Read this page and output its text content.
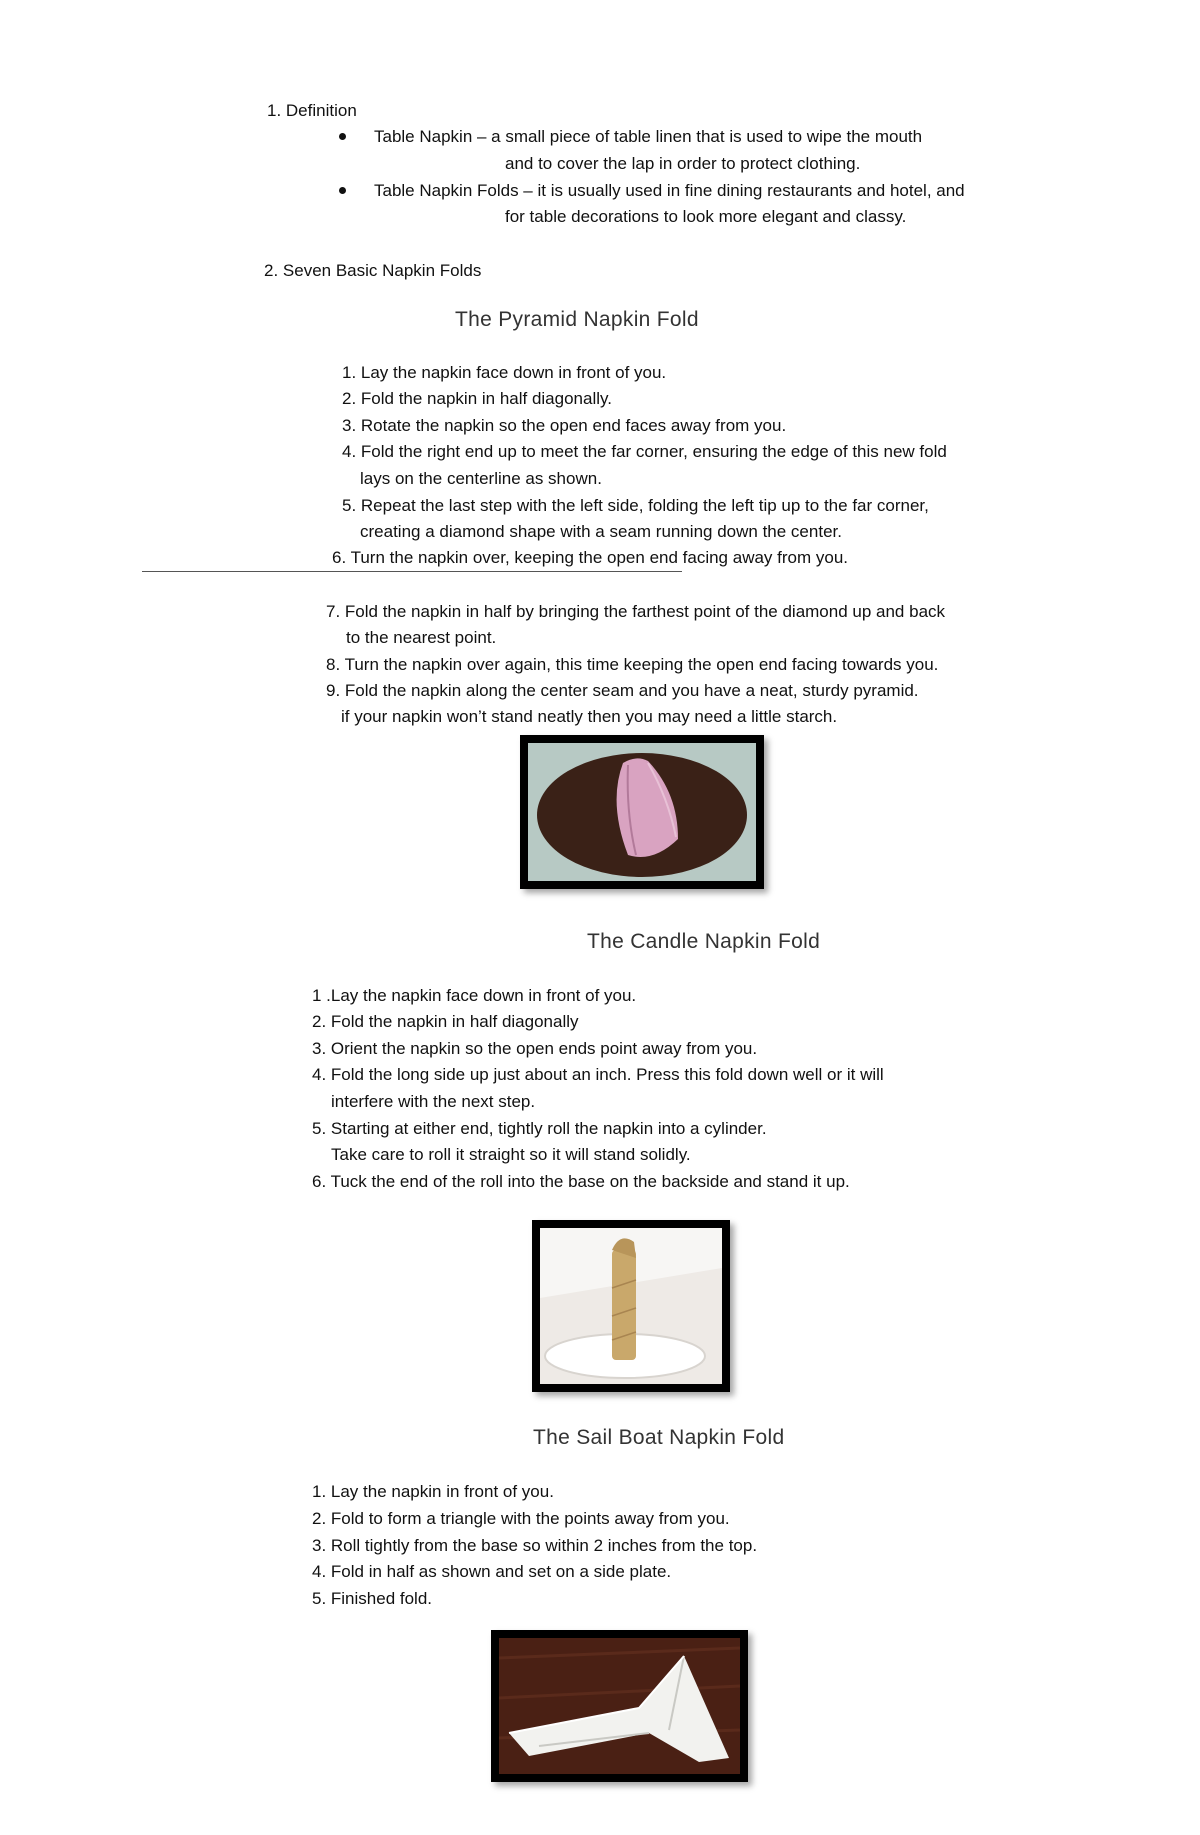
1. Definition
Table Napkin – a small piece of table linen that is used to wipe the mouth
and to cover the lap in order to protect clothing.
Table Napkin Folds – it is usually used in fine dining restaurants and hotel, and
for table decorations to look more elegant and classy.
2. Seven Basic Napkin Folds
The Pyramid Napkin Fold
1. Lay the napkin face down in front of you.
2. Fold the napkin in half diagonally.
3. Rotate the napkin so the open end faces away from you.
4. Fold the right end up to meet the far corner, ensuring the edge of this new fold
lays on the centerline as shown.
5. Repeat the last step with the left side, folding the left tip up to the far corner,
creating a diamond shape with a seam running down the center.
6. Turn the napkin over, keeping the open end facing away from you.
7. Fold the napkin in half by bringing the farthest point of the diamond up and back
to the nearest point.
8. Turn the napkin over again, this time keeping the open end facing towards you.
9. Fold the napkin along the center seam and you have a neat, sturdy pyramid.
if your napkin won’t stand neatly then you may need a little starch.
The Candle Napkin Fold
1 .Lay the napkin face down in front of you.
2. Fold the napkin in half diagonally
3. Orient the napkin so the open ends point away from you.
4. Fold the long side up just about an inch. Press this fold down well or it will
interfere with the next step.
5. Starting at either end, tightly roll the napkin into a cylinder.
Take care to roll it straight so it will stand solidly.
6. Tuck the end of the roll into the base on the backside and stand it up.
The Sail Boat Napkin Fold
1. Lay the napkin in front of you.
2. Fold to form a triangle with the points away from you.
3. Roll tightly from the base so within 2 inches from the top.
4. Fold in half as shown and set on a side plate.
5. Finished fold.
